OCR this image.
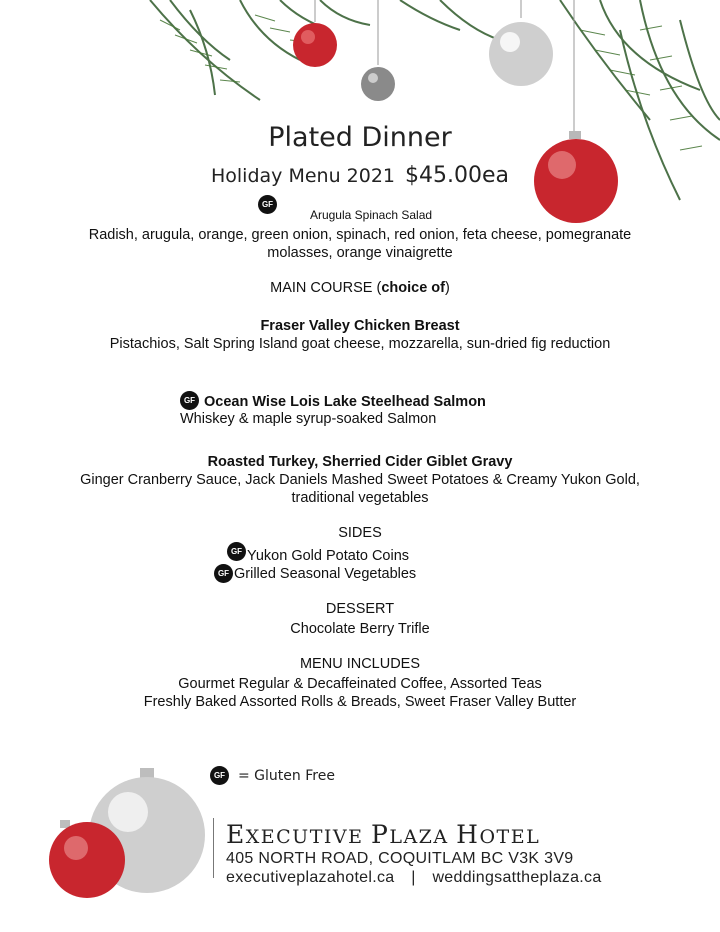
Plated Dinner
Holiday Menu 2021 $45.00ea
GF
Arugula Spinach Salad
Radish, arugula, orange, green onion, spinach, red onion, feta cheese, pomegranate
molasses, orange vinaigrette
MAIN COURSE (choice of)
Fraser Valley Chicken Breast
Pistachios, Salt Spring Island goat cheese, mozzarella, sun-dried fig reduction
GF Ocean Wise Lois Lake Steelhead Salmon
Whiskey & maple syrup-soaked Salmon
Roasted Turkey, Sherried Cider Giblet Gravy
Ginger Cranberry Sauce, Jack Daniels Mashed Sweet Potatoes & Creamy Yukon Gold,
traditional vegetables
SIDES
GF Yukon Gold Potato Coins
GF Grilled Seasonal Vegetables
DESSERT
Chocolate Berry Trifle
MENU INCLUDES
Gourmet Regular & Decaffeinated Coffee, Assorted Teas
Freshly Baked Assorted Rolls & Breads, Sweet Fraser Valley Butter
GF = Gluten Free
EXECUTIVE PLAZA HOTEL
405 NORTH ROAD, COQUITLAM BC V3K 3V9
executiveplazahotel.ca | weddingsattheplaza.ca
